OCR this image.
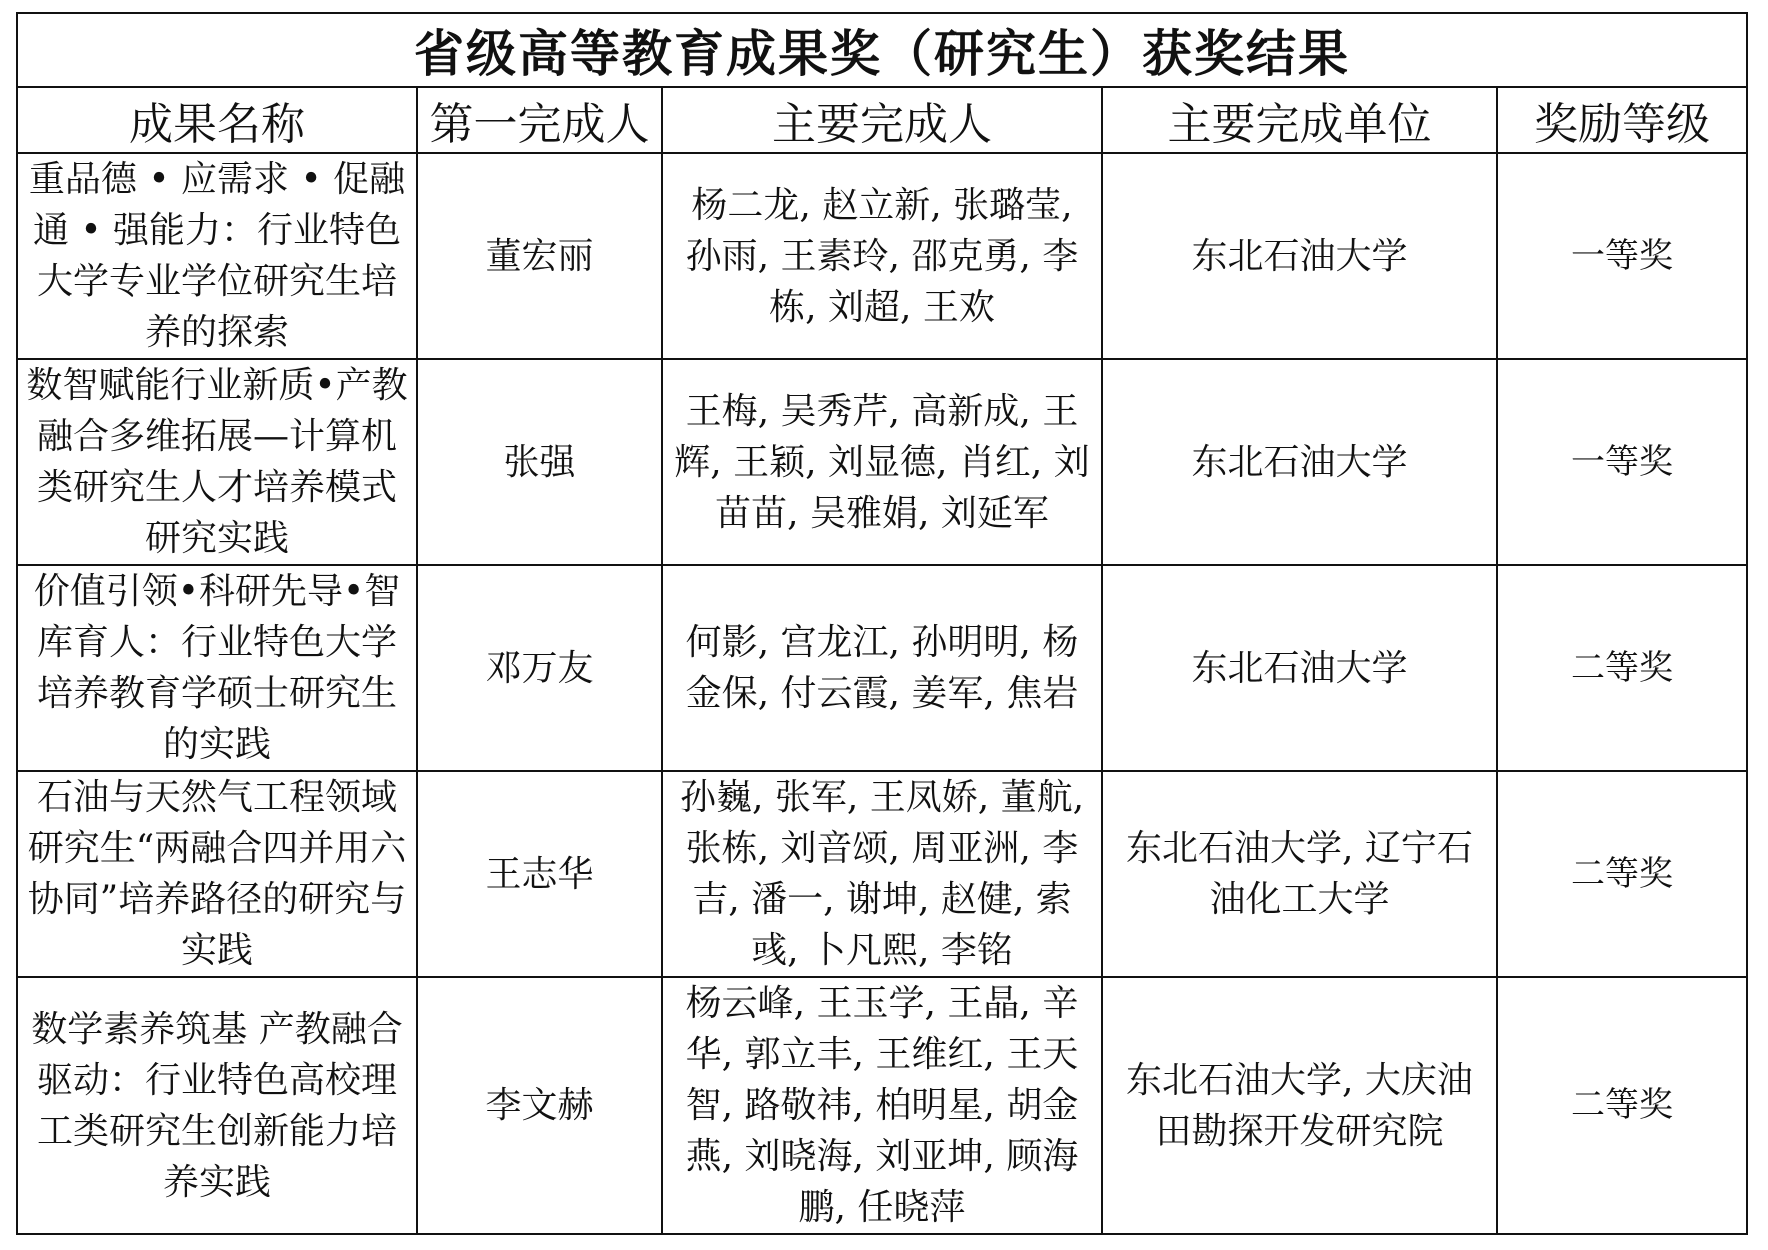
省级高等教育成果奖（研究生）获奖结果				
成果名称	第一完成人	主要完成人	主要完成单位	奖励等级
重品德 • 应需求 • 促融通 • 强能力：行业特色大学专业学位研究生培养的探索	董宏丽	杨二龙, 赵立新, 张璐莹, 孙雨, 王素玲, 邵克勇, 李栋, 刘超, 王欢	东北石油大学	一等奖
数智赋能行业新质•产教融合多维拓展—计算机类研究生人才培养模式研究实践	张强	王梅, 吴秀芹, 高新成, 王辉, 王颖, 刘显德, 肖红, 刘苗苗, 吴雅娟, 刘延军	东北石油大学	一等奖
价值引领•科研先导•智库育人：行业特色大学培养教育学硕士研究生的实践	邓万友	何影, 宫龙江, 孙明明, 杨金保, 付云霞, 姜军, 焦岩	东北石油大学	二等奖
石油与天然气工程领域研究生“两融合四并用六协同”培养路径的研究与实践	王志华	孙巍, 张军, 王凤娇, 董航, 张栋, 刘音颂, 周亚洲, 李吉, 潘一, 谢坤, 赵健, 索彧, 卜凡熙, 李铭	东北石油大学, 辽宁石油化工大学	二等奖
数学素养筑基 产教融合驱动：行业特色高校理工类研究生创新能力培养实践	李文赫	杨云峰, 王玉学, 王晶, 辛华, 郭立丰, 王维红, 王天智, 路敬祎, 柏明星, 胡金燕, 刘晓海, 刘亚坤, 顾海鹏, 任晓萍	东北石油大学, 大庆油田勘探开发研究院	二等奖
